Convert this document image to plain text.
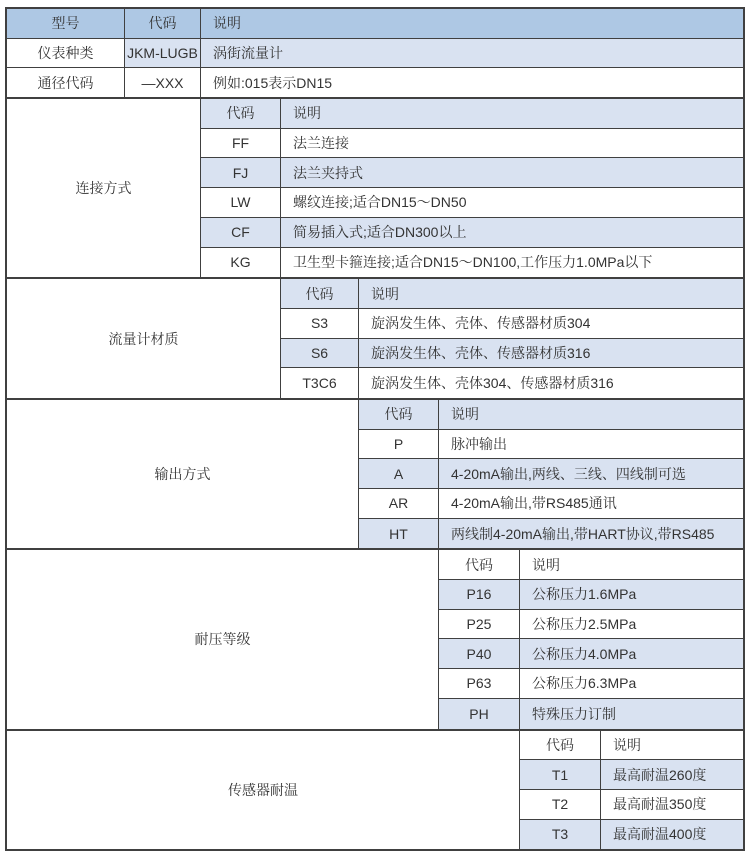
型号	代码	说明
仪表种类	JKM-LUGB	涡街流量计
通径代码	—XXX	例如:015表示DN15
连接方式
代码	说明
FF	法兰连接
FJ	法兰夹持式
LW	螺纹连接;适合DN15～DN50
CF	简易插入式;适合DN300以上
KG	卫生型卡箍连接;适合DN15～DN100,工作压力1.0MPa以下
流量计材质
代码	说明
S3	旋涡发生体、壳体、传感器材质304
S6	旋涡发生体、壳体、传感器材质316
T3C6	旋涡发生体、壳体304、传感器材质316
输出方式
代码	说明
P	脉冲输出
A	4-20mA输出,两线、三线、四线制可选
AR	4-20mA输出,带RS485通讯
HT	两线制4-20mA输出,带HART协议,带RS485
耐压等级
代码	说明
P16	公称压力1.6MPa
P25	公称压力2.5MPa
P40	公称压力4.0MPa
P63	公称压力6.3MPa
PH	特殊压力订制
传感器耐温
代码	说明
T1	最高耐温260度
T2	最高耐温350度
T3	最高耐温400度
